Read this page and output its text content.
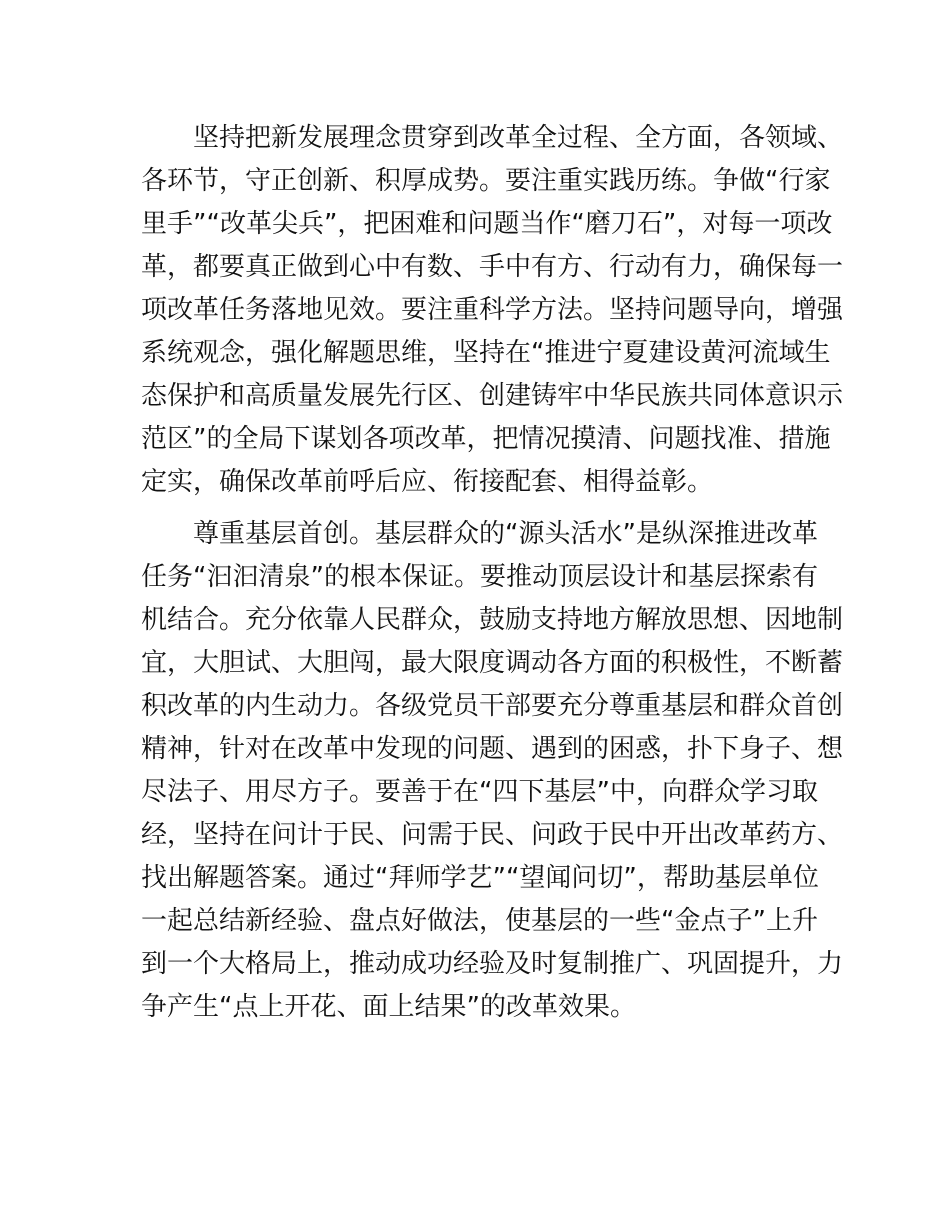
坚持把新发展理念贯穿到改革全过程、全方面，各领域、
各环节，守正创新、积厚成势。要注重实践历练。争做“行家
里手”“改革尖兵”，把困难和问题当作“磨刀石”，对每一项改
革，都要真正做到心中有数、手中有方、行动有力，确保每一
项改革任务落地见效。要注重科学方法。坚持问题导向，增强
系统观念，强化解题思维，坚持在“推进宁夏建设黄河流域生
态保护和高质量发展先行区、创建铸牢中华民族共同体意识示
范区”的全局下谋划各项改革，把情况摸清、问题找准、措施
定实，确保改革前呼后应、衔接配套、相得益彰。
尊重基层首创。基层群众的“源头活水”是纵深推进改革
任务“汩汩清泉”的根本保证。要推动顶层设计和基层探索有
机结合。充分依靠人民群众，鼓励支持地方解放思想、因地制
宜，大胆试、大胆闯，最大限度调动各方面的积极性，不断蓄
积改革的内生动力。各级党员干部要充分尊重基层和群众首创
精神，针对在改革中发现的问题、遇到的困惑，扑下身子、想
尽法子、用尽方子。要善于在“四下基层”中，向群众学习取
经，坚持在问计于民、问需于民、问政于民中开出改革药方、
找出解题答案。通过“拜师学艺”“望闻问切”，帮助基层单位
一起总结新经验、盘点好做法，使基层的一些“金点子”上升
到一个大格局上，推动成功经验及时复制推广、巩固提升，力
争产生“点上开花、面上结果”的改革效果。
